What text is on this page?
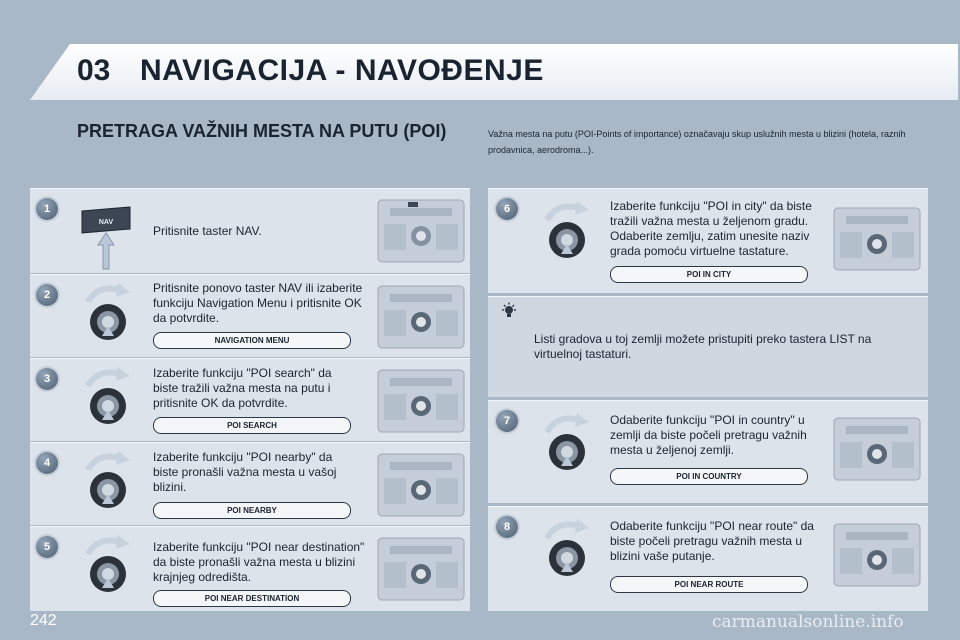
03 NAVIGACIJA - NAVOĐENJE
PRETRAGA VAŽNIH MESTA NA PUTU (POI)	Važna mesta na putu (POI-Points of importance) označavaju skup uslužnih mesta u blizini (hotela, raznih prodavnica, aerodroma...).
1
2
3
4
5
6
7
8
Pritisnite taster NAV.
Pritisnite ponovo taster NAV ili izaberite funkciju Navigation Menu i pritisnite OK da potvrdite.
Izaberite funkciju "POI search" da biste tražili važna mesta na putu i pritisnite OK da potvrdite.
Izaberite funkciju "POI nearby" da biste pronašli važna mesta u vašoj blizini.
Izaberite funkciju "POI near destination" da biste pronašli važna mesta u blizini krajnjeg odredišta.
Izaberite funkciju "POI in city" da biste tražili važna mesta u željenom gradu. Odaberite zemlju, zatim unesite naziv grada pomoću virtuelne tastature.
Listi gradova u toj zemlji možete pristupiti preko tastera LIST na virtuelnoj tastaturi.
Odaberite funkciju "POI in country" u zemlji da biste počeli pretragu važnih mesta u željenoj zemlji.
Odaberite funkciju "POI near route" da biste počeli pretragu važnih mesta u blizini vaše putanje.
NAVIGATION MENU
POI SEARCH
POI NEARBY
POI NEAR DESTINATION
POI IN CITY
POI IN COUNTRY
POI NEAR ROUTE
NAV
242	carmanualsonline.info
